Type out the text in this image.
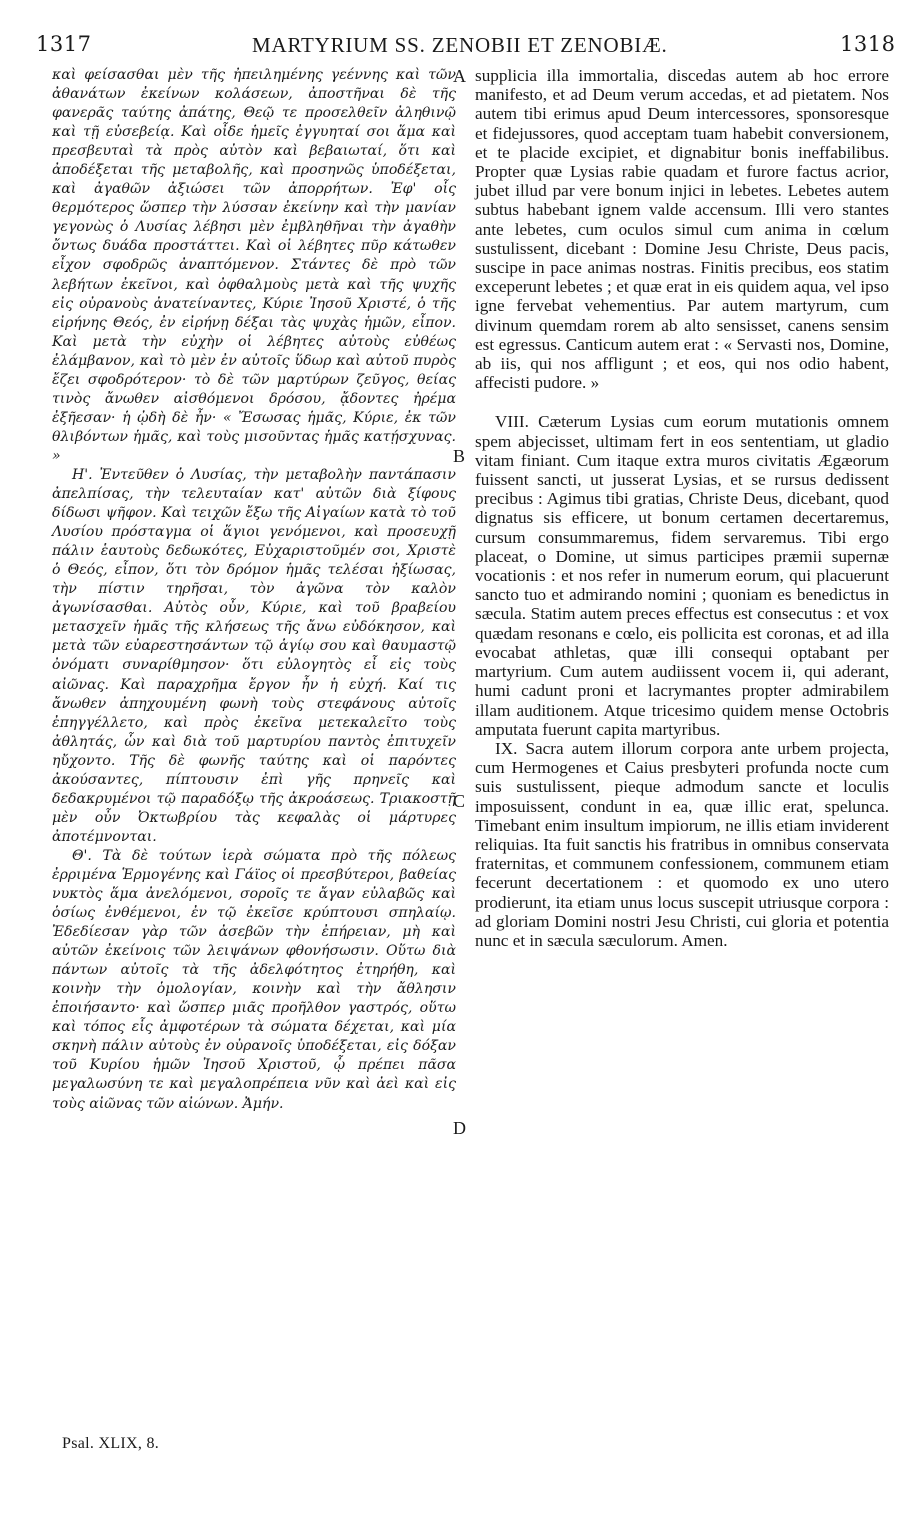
1317	MARTYRIUM SS. ZENOBII ET ZENOBIÆ.	1318

καὶ φείσασθαι μὲν τῆς ἠπειλημένης γεέννης καὶ τῶν ἀθανάτων ἐκείνων κολάσεων, ἀποστῆναι δὲ τῆς φανερᾶς ταύτης ἀπάτης, Θεῷ τε προσελθεῖν ἀληθινῷ καὶ τῇ εὐσεβείᾳ. Καὶ οἶδε ἡμεῖς ἐγγυηταί σοι ἅμα καὶ πρεσβευταὶ τὰ πρὸς αὐτὸν καὶ βεβαιωταί, ὅτι καὶ ἀποδέξεται τῆς μεταβολῆς, καὶ προσηνῶς ὑποδέξεται, καὶ ἀγαθῶν ἀξιώσει τῶν ἀπορρήτων. Ἐφ' οἷς θερμότερος ὥσπερ τὴν λύσσαν ἐκείνην καὶ τὴν μανίαν γεγονὼς ὁ Λυσίας λέβησι μὲν ἐμβληθῆναι τὴν ἀγαθὴν ὄντως δυάδα προστάττει. Καὶ οἱ λέβητες πῦρ κάτωθεν εἶχον σφοδρῶς ἀναπτόμενον. Στάντες δὲ πρὸ τῶν λεβήτων ἐκεῖνοι, καὶ ὀφθαλμοὺς μετὰ καὶ τῆς ψυχῆς εἰς οὐρανοὺς ἀνατείναντες, Κύριε Ἰησοῦ Χριστέ, ὁ τῆς εἰρήνης Θεός, ἐν εἰρήνῃ δέξαι τὰς ψυχὰς ἡμῶν, εἶπον. Καὶ μετὰ τὴν εὐχὴν οἱ λέβητες αὐτοὺς εὐθέως ἐλάμβανον, καὶ τὸ μὲν ἐν αὐτοῖς ὕδωρ καὶ αὐτοῦ πυρὸς ἔζει σφοδρότερον· τὸ δὲ τῶν μαρτύρων ζεῦγος, θείας τινὸς ἄνωθεν αἰσθόμενοι δρόσου, ᾄδοντες ἠρέμα ἐξῆεσαν· ἡ ᾠδὴ δὲ ἦν· « Ἔσωσας ἡμᾶς, Κύριε, ἐκ τῶν θλιβόντων ἡμᾶς, καὶ τοὺς μισοῦντας ἡμᾶς κατῄσχυνας. »

Η'. Ἐντεῦθεν ὁ Λυσίας, τὴν μεταβολὴν παντάπασιν ἀπελπίσας, τὴν τελευταίαν κατ' αὐτῶν διὰ ξίφους δίδωσι ψῆφον. Καὶ τειχῶν ἔξω τῆς Αἰγαίων κατὰ τὸ τοῦ Λυσίου πρόσταγμα οἱ ἅγιοι γενόμενοι, καὶ προσευχῇ πάλιν ἑαυτοὺς δεδωκότες, Εὐχαριστοῦμέν σοι, Χριστὲ ὁ Θεός, εἶπον, ὅτι τὸν δρόμον ἡμᾶς τελέσαι ἠξίωσας, τὴν πίστιν τηρῆσαι, τὸν ἀγῶνα τὸν καλὸν ἀγωνίσασθαι. Αὐτὸς οὖν, Κύριε, καὶ τοῦ βραβείου μετασχεῖν ἡμᾶς τῆς κλήσεως τῆς ἄνω εὐδόκησον, καὶ μετὰ τῶν εὐαρεστησάντων τῷ ἁγίῳ σου καὶ θαυμαστῷ ὀνόματι συναρίθμησον· ὅτι εὐλογητὸς εἶ εἰς τοὺς αἰῶνας. Καὶ παραχρῆμα ἔργον ἦν ἡ εὐχή. Καί τις ἄνωθεν ἀπηχουμένη φωνὴ τοὺς στεφάνους αὐτοῖς ἐπηγγέλλετο, καὶ πρὸς ἐκεῖνα μετεκαλεῖτο τοὺς ἀθλητάς, ὧν καὶ διὰ τοῦ μαρτυρίου παντὸς ἐπιτυχεῖν ηὔχοντο. Τῆς δὲ φωνῆς ταύτης καὶ οἱ παρόντες ἀκούσαντες, πίπτουσιν ἐπὶ γῆς πρηνεῖς καὶ δεδακρυμένοι τῷ παραδόξῳ τῆς ἀκροάσεως. Τριακοστῇ μὲν οὖν Ὀκτωβρίου τὰς κεφαλὰς οἱ μάρτυρες ἀποτέμνονται.

Θ'. Τὰ δὲ τούτων ἱερὰ σώματα πρὸ τῆς πόλεως ἐρριμένα Ἑρμογένης καὶ Γάϊος οἱ πρεσβύτεροι, βαθείας νυκτὸς ἅμα ἀνελόμενοι, σοροῖς τε ἄγαν εὐλαβῶς καὶ ὁσίως ἐνθέμενοι, ἐν τῷ ἐκεῖσε κρύπτουσι σπηλαίῳ. Ἐδεδίεσαν γὰρ τῶν ἀσεβῶν τὴν ἐπήρειαν, μὴ καὶ αὐτῶν ἐκείνοις τῶν λειψάνων φθονήσωσιν. Οὕτω διὰ πάντων αὐτοῖς τὰ τῆς ἀδελφότητος ἐτηρήθη, καὶ κοινὴν τὴν ὁμολογίαν, κοινὴν καὶ τὴν ἄθλησιν ἐποιήσαντο· καὶ ὥσπερ μιᾶς προῆλθον γαστρός, οὕτω καὶ τόπος εἷς ἀμφοτέρων τὰ σώματα δέχεται, καὶ μία σκηνὴ πάλιν αὐτοὺς ἐν οὐρανοῖς ὑποδέξεται, εἰς δόξαν τοῦ Κυρίου ἡμῶν Ἰησοῦ Χριστοῦ, ᾧ πρέπει πᾶσα μεγαλωσύνη τε καὶ μεγαλοπρέπεια νῦν καὶ ἀεὶ καὶ εἰς τοὺς αἰῶνας τῶν αἰώνων. Ἀμήν.

A
B
C
D

supplicia illa immortalia, discedas autem ab hoc errore manifesto, et ad Deum verum accedas, et ad pietatem. Nos autem tibi erimus apud Deum intercessores, sponsoresque et fidejussores, quod acceptam tuam habebit conversionem, et te placide excipiet, et dignabitur bonis ineffabilibus. Propter quæ Lysias rabie quadam et furore factus acrior, jubet illud par vere bonum injici in lebetes. Lebetes autem subtus habebant ignem valde accensum. Illi vero stantes ante lebetes, cum oculos simul cum anima in cœlum sustulissent, dicebant : Domine Jesu Christe, Deus pacis, suscipe in pace animas nostras. Finitis precibus, eos statim exceperunt lebetes ; et quæ erat in eis quidem aqua, vel ipso igne fervebat vehementius. Par autem martyrum, cum divinum quemdam rorem ab alto sensisset, canens sensim est egressus. Canticum autem erat : « Servasti nos, Domine, ab iis, qui nos affligunt ; et eos, qui nos odio habent, affecisti pudore. »

VIII. Cæterum Lysias cum eorum mutationis omnem spem abjecisset, ultimam fert in eos sententiam, ut gladio vitam finiant. Cum itaque extra muros civitatis Ægæorum fuissent sancti, ut jusserat Lysias, et se rursus dedissent precibus : Agimus tibi gratias, Christe Deus, dicebant, quod dignatus sis efficere, ut bonum certamen decertaremus, cursum consummaremus, fidem servaremus. Tibi ergo placeat, o Domine, ut simus participes præmii supernæ vocationis : et nos refer in numerum eorum, qui placuerunt sancto tuo et admirando nomini ; quoniam es benedictus in sæcula. Statim autem preces effectus est consecutus : et vox quædam resonans e cœlo, eis pollicita est coronas, et ad illa evocabat athletas, quæ illi consequi optabant per martyrium. Cum autem audiissent vocem ii, qui aderant, humi cadunt proni et lacrymantes propter admirabilem illam auditionem. Atque tricesimo quidem mense Octobris amputata fuerunt capita martyribus.

IX. Sacra autem illorum corpora ante urbem projecta, cum Hermogenes et Caius presbyteri profunda nocte cum suis sustulissent, pieque admodum sancte et loculis imposuissent, condunt in ea, quæ illic erat, spelunca. Timebant enim insultum impiorum, ne illis etiam inviderent reliquias. Ita fuit sanctis his fratribus in omnibus conservata fraternitas, et communem confessionem, communem etiam fecerunt decertationem : et quomodo ex uno utero prodierunt, ita etiam unus locus suscepit utriusque corpora : ad gloriam Domini nostri Jesu Christi, cui gloria et potentia nunc et in sæcula sæculorum. Amen.

Psal. XLIX, 8.
